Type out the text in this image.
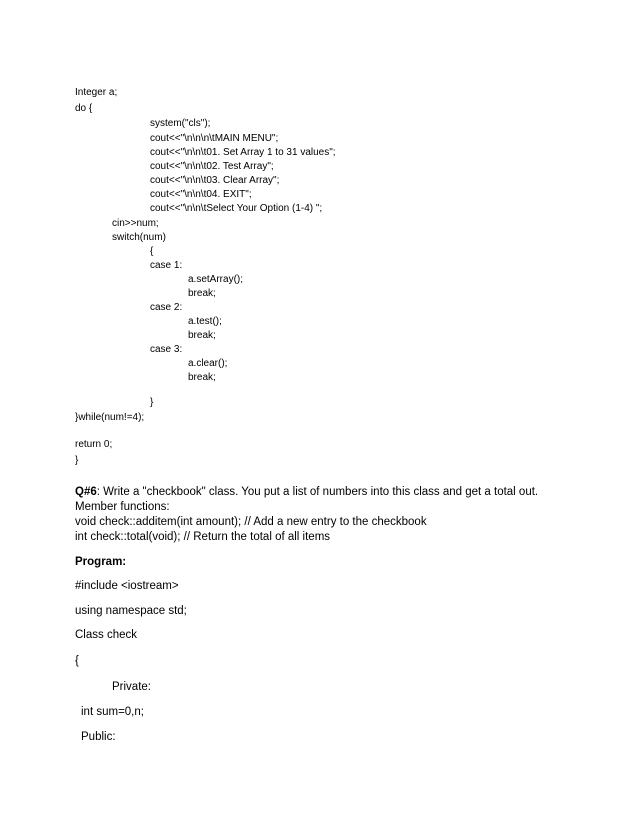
Integer a;
do {
system("cls");
cout<<"\n\n\n\tMAIN MENU";
cout<<"\n\n\t01. Set Array 1 to 31 values";
cout<<"\n\n\t02. Test Array";
cout<<"\n\n\t03. Clear Array";
cout<<"\n\n\t04. EXIT";
cout<<"\n\n\tSelect Your Option (1-4) ";
cin>>num;
switch(num)
{
case 1:
a.setArray();
break;
case 2:
a.test();
break;
case 3:
a.clear();
break;
}
}while(num!=4);
return 0;
}
Q#6: Write a "checkbook" class. You put a list of numbers into this class and get a total out.
Member functions:
void check::additem(int amount); // Add a new entry to the checkbook
int check::total(void); // Return the total of all items
Program:
#include <iostream>
using namespace std;
Class check
{
Private:
int sum=0,n;
Public:
